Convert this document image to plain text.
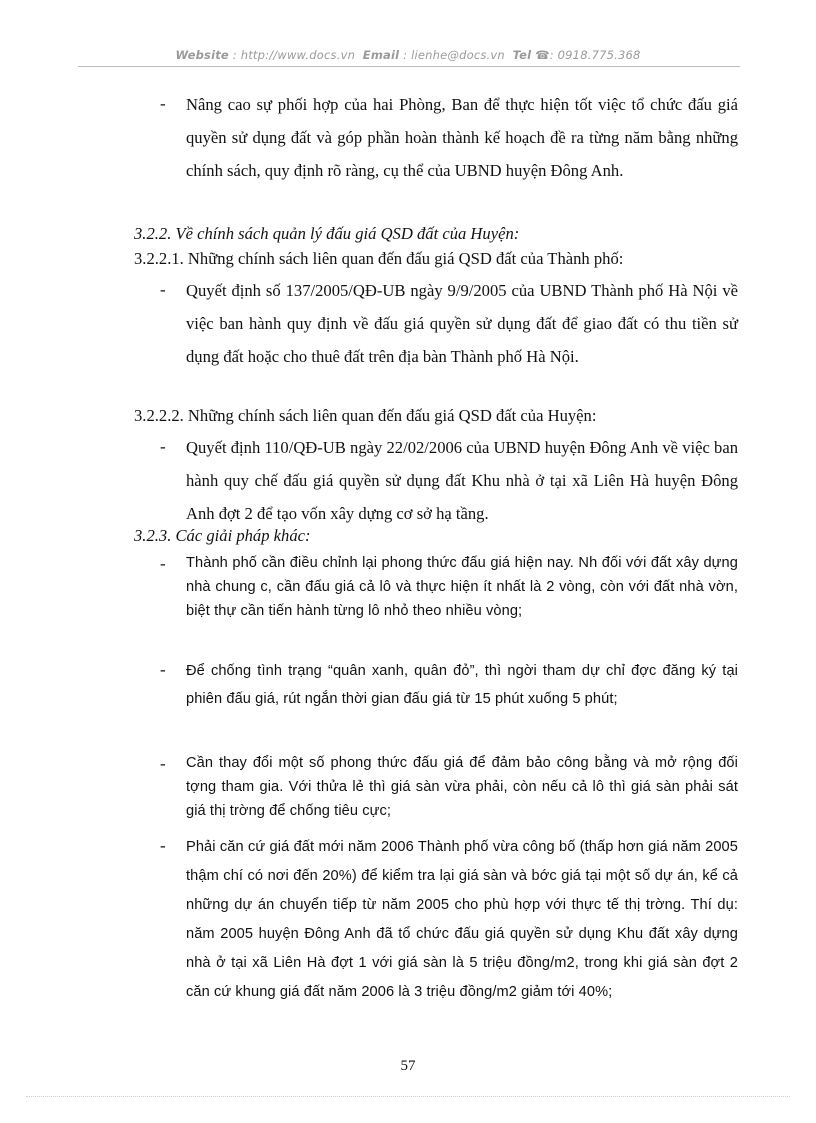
Website : http://www.docs.vn Email : lienhe@docs.vn Tel ☎: 0918.775.368
- Nâng cao sự phối hợp của hai Phòng, Ban để thực hiện tốt việc tổ chức đấu giá quyền sử dụng đất và góp phần hoàn thành kế hoạch đề ra từng năm bằng những chính sách, quy định rõ ràng, cụ thể của UBND huyện Đông Anh.
3.2.2. Về chính sách quản lý đấu giá QSD đất của Huyện:
3.2.2.1. Những chính sách liên quan đến đấu giá QSD đất của Thành phố:
- Quyết định số 137/2005/QĐ-UB ngày 9/9/2005 của UBND Thành phố Hà Nội về việc ban hành quy định về đấu giá quyền sử dụng đất để giao đất có thu tiền sử dụng đất hoặc cho thuê đất trên địa bàn Thành phố Hà Nội.
3.2.2.2. Những chính sách liên quan đến đấu giá QSD đất của Huyện:
- Quyết định 110/QĐ-UB ngày 22/02/2006 của UBND huyện Đông Anh về việc ban hành quy chế đấu giá quyền sử dụng đất Khu nhà ở tại xã Liên Hà huyện Đông Anh đợt 2 để tạo vốn xây dựng cơ sở hạ tầng.
3.2.3. Các giải pháp khác:
- Thành phố cần điều chỉnh lại phong thức đấu giá hiện nay. Nh đối với đất xây dựng nhà chung c, cần đấu giá cả lô và thực hiện ít nhất là 2 vòng, còn với đất nhà vờn, biệt thự cần tiến hành từng lô nhỏ theo nhiều vòng;
- Để chống tình trạng “quân xanh, quân đỏ”, thì ngời tham dự chỉ đợc đăng ký tại phiên đấu giá, rút ngắn thời gian đấu giá từ 15 phút xuống 5 phút;
- Cần thay đổi một số phong thức đấu giá để đảm bảo công bằng và mở rộng đối tợng tham gia. Với thửa lẻ thì giá sàn vừa phải, còn nếu cả lô thì giá sàn phải sát giá thị trờng để chống tiêu cực;
- Phải căn cứ giá đất mới năm 2006 Thành phố vừa công bố (thấp hơn giá năm 2005 thậm chí có nơi đến 20%) để kiểm tra lại giá sàn và bớc giá tại một số dự án, kể cả những dự án chuyển tiếp từ năm 2005 cho phù hợp với thực tế thị trờng. Thí dụ: năm 2005 huyện Đông Anh đã tổ chức đấu giá quyền sử dụng Khu đất xây dựng nhà ở tại xã Liên Hà đợt 1 với giá sàn là 5 triệu đồng/m2, trong khi giá sàn đợt 2 căn cứ khung giá đất năm 2006 là 3 triệu đồng/m2 giảm tới 40%;
57
